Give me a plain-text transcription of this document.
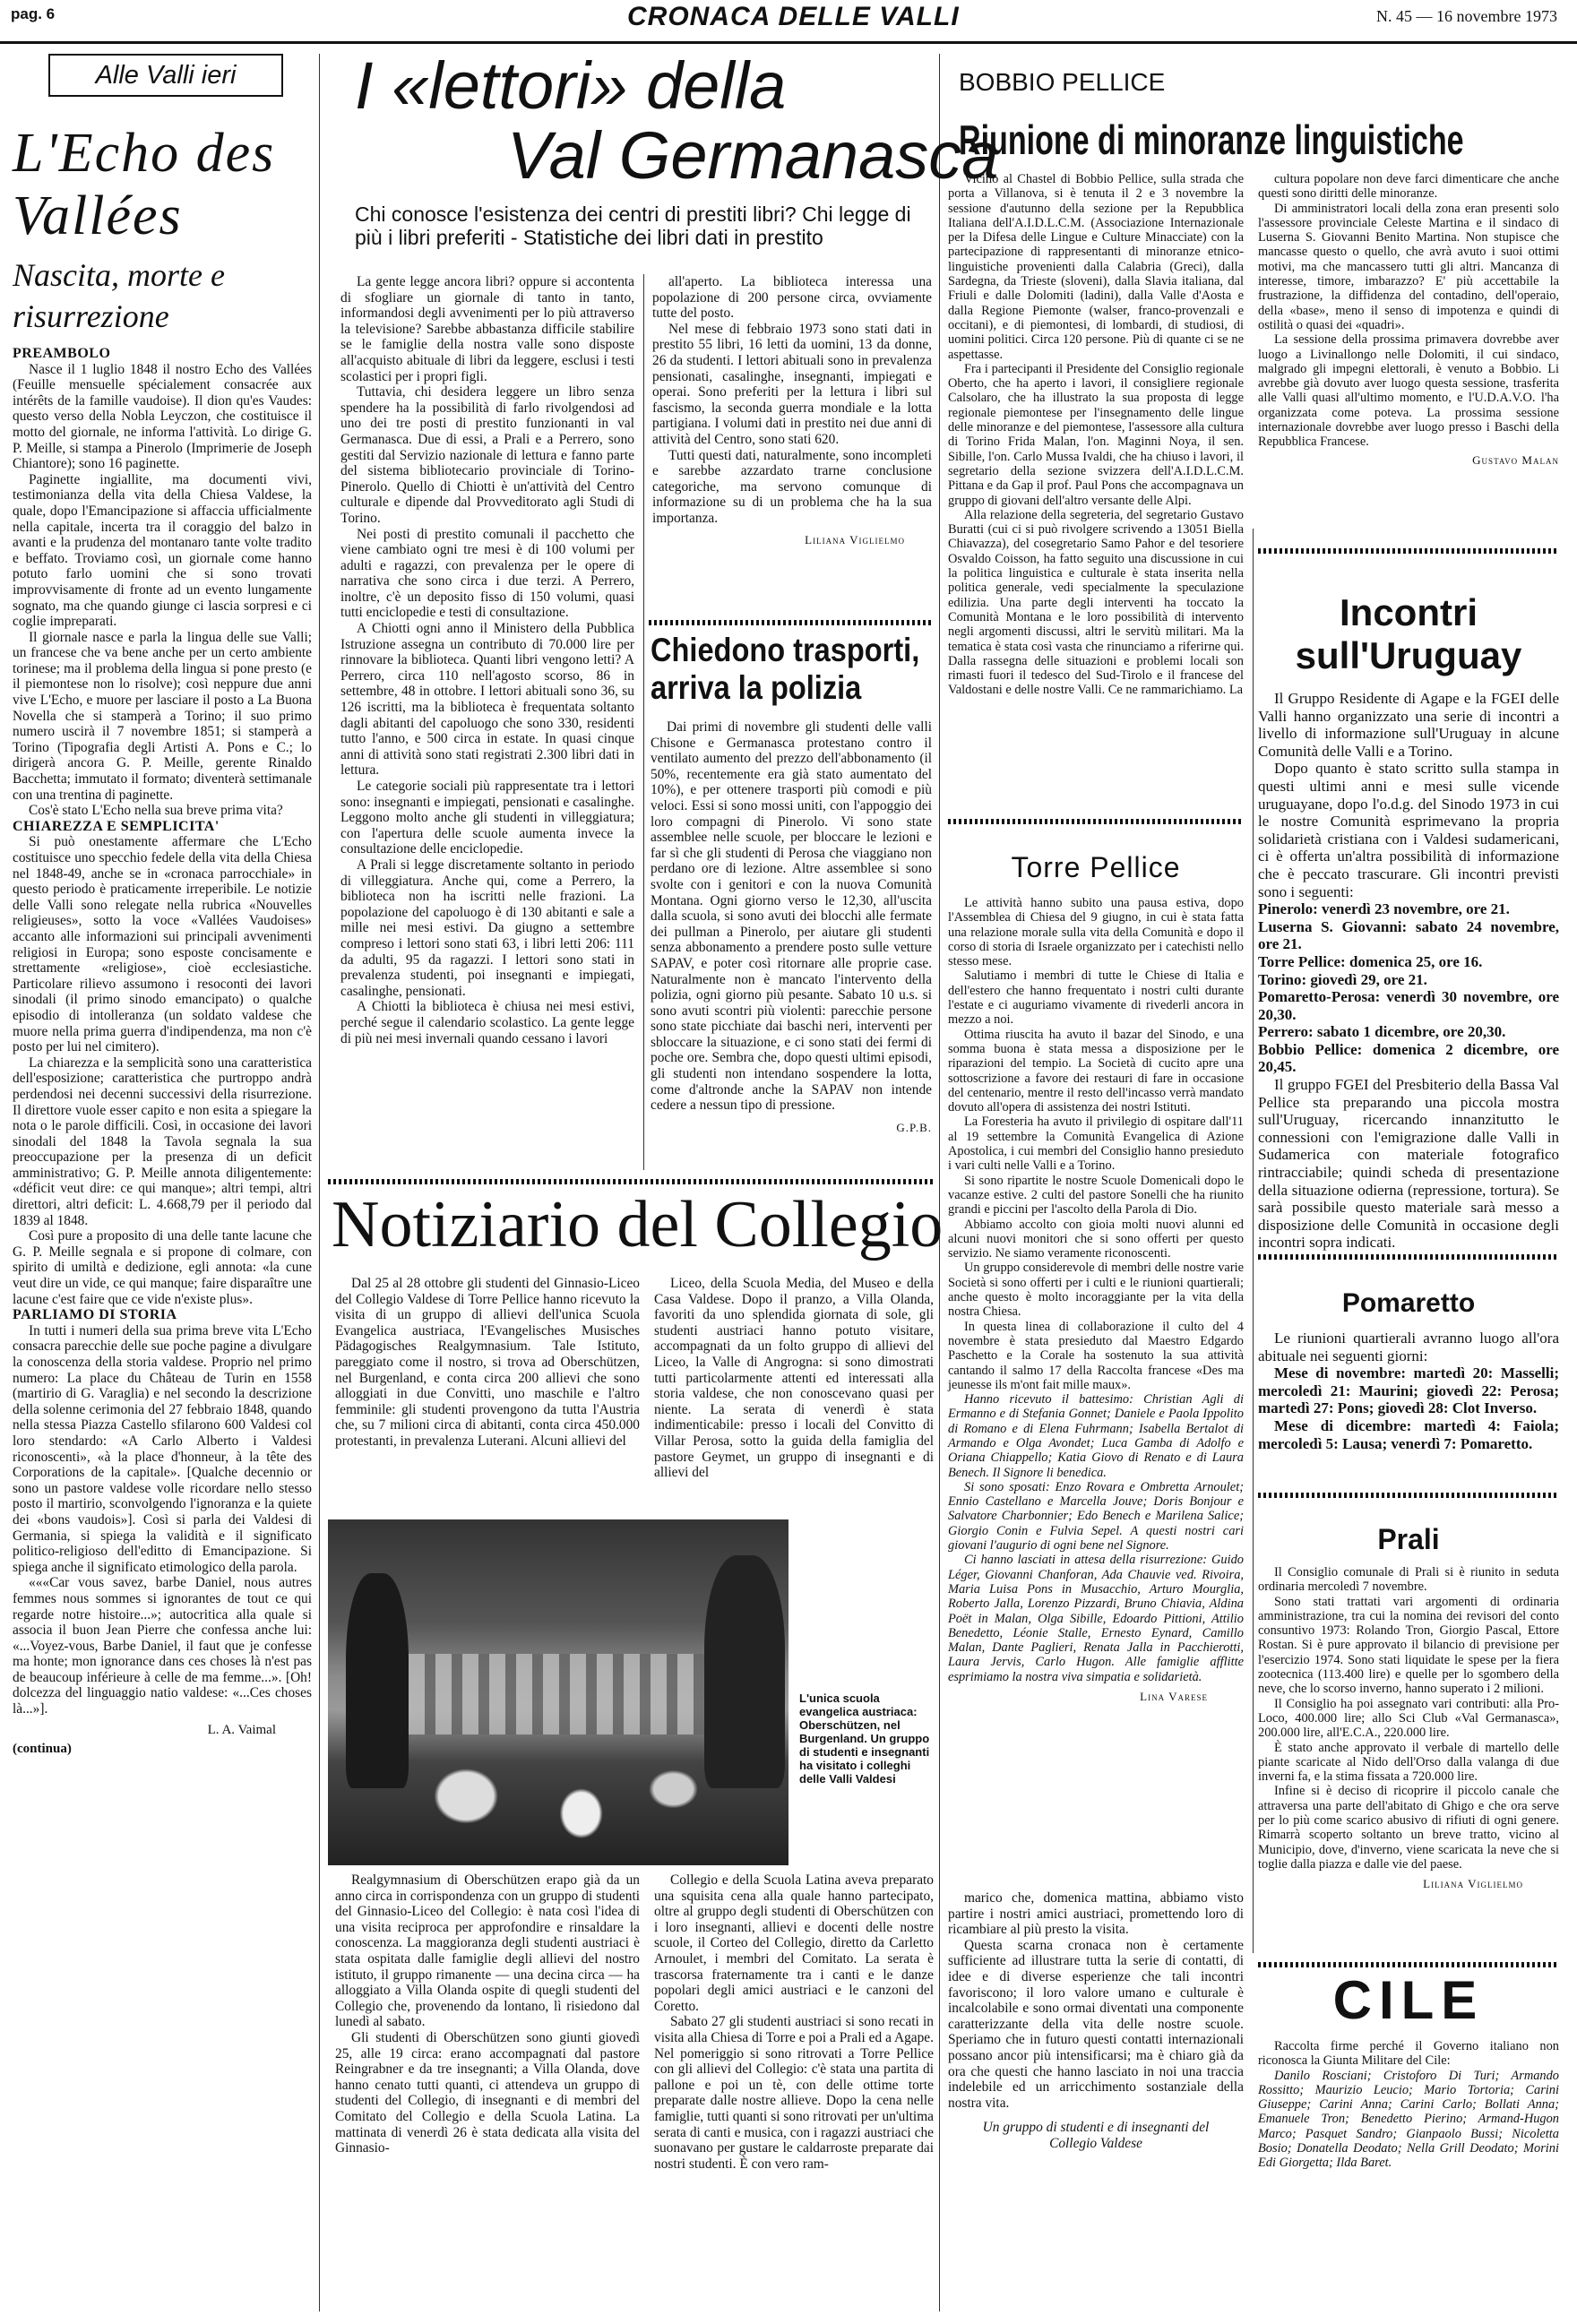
pag. 6	CRONACA DELLE VALLI	N. 45 — 16 novembre 1973
Alle Valli ieri
L'Echo des Vallées
Nascita, morte e risurrezione

PREAMBOLO

Nasce il 1 luglio 1848 il nostro Echo des Vallées (Feuille mensuelle spécialement consacrée aux intérêts de la famille vaudoise). Il dion qu'es Vaudes: questo verso della Nobla Leyczon, che costituisce il motto del giornale, ne informa l'attività. Lo dirige G. P. Meille, si stampa a Pinerolo (Imprimerie de Joseph Chiantore); sono 16 paginette.

Paginette ingiallite, ma documenti vivi, testimonianza della vita della Chiesa Valdese, la quale, dopo l'Emancipazione si affaccia ufficialmente nella capitale, incerta tra il coraggio del balzo in avanti e la prudenza del montanaro tante volte tradito e beffato. Troviamo così, un giornale come hanno potuto farlo uomini che si sono trovati improvvisamente di fronte ad un evento lungamente sognato, ma che quando giunge ci lascia sorpresi e ci coglie impreparati.

Il giornale nasce e parla la lingua delle sue Valli; un francese che va bene anche per un certo ambiente torinese; ma il problema della lingua si pone presto (e il piemontese non lo risolve); così neppure due anni vive L'Echo, e muore per lasciare il posto a La Buona Novella che si stamperà a Torino; il suo primo numero uscirà il 7 novembre 1851; si stamperà a Torino (Tipografia degli Artisti A. Pons e C.; lo dirigerà ancora G. P. Meille, gerente Rinaldo Bacchetta; immutato il formato; diventerà settimanale con una trentina di paginette.

Cos'è stato L'Echo nella sua breve prima vita?

CHIAREZZA E SEMPLICITA'

Si può onestamente affermare che L'Echo costituisce uno specchio fedele della vita della Chiesa nel 1848-49, anche se in «cronaca parrocchiale» in questo periodo è praticamente irreperibile. Le notizie delle Valli sono relegate nella rubrica «Nouvelles religieuses», sotto la voce «Vallées Vaudoises» accanto alle informazioni sui principali avvenimenti religiosi in Europa; sono esposte concisamente e strettamente «religiose», cioè ecclesiastiche. Particolare rilievo assumono i resoconti dei lavori sinodali (il primo sinodo emancipato) o qualche episodio di intolleranza (un soldato valdese che muore nella prima guerra d'indipendenza, ma non c'è posto per lui nel cimitero).

La chiarezza e la semplicità sono una caratteristica dell'esposizione; caratteristica che purtroppo andrà perdendosi nei decenni successivi della risurrezione. Il direttore vuole esser capito e non esita a spiegare la nota o le parole difficili. Così, in occasione dei lavori sinodali del 1848 la Tavola segnala la sua preoccupazione per la presenza di un deficit amministrativo; G. P. Meille annota diligentemente: «déficit veut dire: ce qui manque»; altri tempi, altri direttori, altri deficit: L. 4.668,79 per il periodo dal 1839 al 1848.

Così pure a proposito di una delle tante lacune che G. P. Meille segnala e si propone di colmare, con spirito di umiltà e dedizione, egli annota: «la cune veut dire un vide, ce qui manque; faire disparaître une lacune c'est faire que ce vide n'existe plus».

PARLIAMO DI STORIA

In tutti i numeri della sua prima breve vita L'Echo consacra parecchie delle sue poche pagine a divulgare la conoscenza della storia valdese. Proprio nel primo numero: La place du Château de Turin en 1558 (martirio di G. Varaglia) e nel secondo la descrizione della solenne cerimonia del 27 febbraio 1848, quando nella stessa Piazza Castello sfilarono 600 Valdesi col loro stendardo: «A Carlo Alberto i Valdesi riconoscenti», «à la place d'honneur, à la tête des Corporations de la capitale». [Qualche decennio or sono un pastore valdese volle ricordare nello stesso posto il martirio, sconvolgendo l'ignoranza e la quiete dei «bons vaudois»]. Così si parla dei Valdesi di Germania, si spiega la validità e il significato politico-religioso dell'editto di Emancipazione. Si spiega anche il significato etimologico della parola.

«««Car vous savez, barbe Daniel, nous autres femmes nous sommes si ignorantes de tout ce qui regarde notre histoire...»; autocritica alla quale si associa il buon Jean Pierre che confessa anche lui: «...Voyez-vous, Barbe Daniel, il faut que je confesse ma honte; mon ignorance dans ces choses là n'est pas de beaucoup inférieure à celle de ma femme...». [Oh! dolcezza del linguaggio natio valdese: «...Ces choses là...»].

L. A. Vaimal
(continua)
I «lettori» della
Val Germanasca
Chi conosce l'esistenza dei centri di prestiti libri? Chi legge di più i libri preferiti - Statistiche dei libri dati in prestito

La gente legge ancora libri? oppure si accontenta di sfogliare un giornale di tanto in tanto, informandosi degli avvenimenti per lo più attraverso la televisione? Sarebbe abbastanza difficile stabilire se le famiglie della nostra valle sono disposte all'acquisto abituale di libri da leggere, esclusi i testi scolastici per i propri figli.

Tuttavia, chi desidera leggere un libro senza spendere ha la possibilità di farlo rivolgendosi ad uno dei tre posti di prestito funzionanti in val Germanasca. Due di essi, a Prali e a Perrero, sono gestiti dal Servizio nazionale di lettura e fanno parte del sistema bibliotecario provinciale di Torino-Pinerolo. Quello di Chiotti è un'attività del Centro culturale e dipende dal Provveditorato agli Studi di Torino.

Nei posti di prestito comunali il pacchetto che viene cambiato ogni tre mesi è di 100 volumi per adulti e ragazzi, con prevalenza per le opere di narrativa che sono circa i due terzi. A Perrero, inoltre, c'è un deposito fisso di 150 volumi, quasi tutti enciclopedie e testi di consultazione.

A Chiotti ogni anno il Ministero della Pubblica Istruzione assegna un contributo di 70.000 lire per rinnovare la biblioteca. Quanti libri vengono letti? A Perrero, circa 110 nell'agosto scorso, 86 in settembre, 48 in ottobre. I lettori abituali sono 36, su 126 iscritti, ma la biblioteca è frequentata soltanto dagli abitanti del capoluogo che sono 330, residenti tutto l'anno, e 500 circa in estate. In quasi cinque anni di attività sono stati registrati 2.300 libri dati in lettura.

Le categorie sociali più rappresentate tra i lettori sono: insegnanti e impiegati, pensionati e casalinghe. Leggono molto anche gli studenti in villeggiatura; con l'apertura delle scuole aumenta invece la consultazione delle enciclopedie.

A Prali si legge discretamente soltanto in periodo di villeggiatura. Anche qui, come a Perrero, la biblioteca non ha iscritti nelle frazioni. La popolazione del capoluogo è di 130 abitanti e sale a mille nei mesi estivi. Da giugno a settembre compreso i lettori sono stati 63, i libri letti 206: 111 da adulti, 95 da ragazzi. I lettori sono stati in prevalenza studenti, poi insegnanti e impiegati, casalinghe, pensionati.

A Chiotti la biblioteca è chiusa nei mesi estivi, perché segue il calendario scolastico. La gente legge di più nei mesi invernali quando cessano i lavori

all'aperto. La biblioteca interessa una popolazione di 200 persone circa, ovviamente tutte del posto.

Nel mese di febbraio 1973 sono stati dati in prestito 55 libri, 16 letti da uomini, 13 da donne, 26 da studenti. I lettori abituali sono in prevalenza pensionati, casalinghe, insegnanti, impiegati e operai. Sono preferiti per la lettura i libri sul fascismo, la seconda guerra mondiale e la lotta partigiana. I volumi dati in prestito nei due anni di attività del Centro, sono stati 620.

Tutti questi dati, naturalmente, sono incompleti e sarebbe azzardato trarne conclusione categoriche, ma servono comunque di informazione su di un problema che ha la sua importanza.

Liliana Viglielmo
Chiedono trasporti,
arriva la polizia

Dai primi di novembre gli studenti delle valli Chisone e Germanasca protestano contro il ventilato aumento del prezzo dell'abbonamento (il 50%, recentemente era già stato aumentato del 10%), e per ottenere trasporti più comodi e più veloci. Essi si sono mossi uniti, con l'appoggio dei loro compagni di Pinerolo. Vi sono state assemblee nelle scuole, per bloccare le lezioni e far sì che gli studenti di Perosa che viaggiano non perdano ore di lezione. Altre assemblee si sono svolte con i genitori e con la nuova Comunità Montana. Ogni giorno verso le 12,30, all'uscita dalla scuola, si sono avuti dei blocchi alle fermate dei pullman a Pinerolo, per aiutare gli studenti senza abbonamento a prendere posto sulle vetture SAPAV, e poter così ritornare alle proprie case. Naturalmente non è mancato l'intervento della polizia, ogni giorno più pesante. Sabato 10 u.s. si sono avuti scontri più violenti: parecchie persone sono state picchiate dai baschi neri, interventi per sbloccare la situazione, e ci sono stati dei fermi di poche ore. Sembra che, dopo questi ultimi episodi, gli studenti non intendano sospendere la lotta, come d'altronde anche la SAPAV non intende cedere a nessun tipo di pressione.

G.P.B.
Notiziario del Collegio

Dal 25 al 28 ottobre gli studenti del Ginnasio-Liceo del Collegio Valdese di Torre Pellice hanno ricevuto la visita di un gruppo di allievi dell'unica Scuola Evangelica austriaca, l'Evangelisches Musisches Pädagogisches Realgymnasium. Tale Istituto, pareggiato come il nostro, si trova ad Oberschützen, nel Burgenland, e conta circa 200 allievi che sono alloggiati in due Convitti, uno maschile e l'altro femminile: gli studenti provengono da tutta l'Austria che, su 7 milioni circa di abitanti, conta circa 450.000 protestanti, in prevalenza Luterani. Alcuni allievi del

Liceo, della Scuola Media, del Museo e della Casa Valdese. Dopo il pranzo, a Villa Olanda, favoriti da uno splendida giornata di sole, gli studenti austriaci hanno potuto visitare, accompagnati da un folto gruppo di allievi del Liceo, la Valle di Angrogna: si sono dimostrati tutti particolarmente attenti ed interessati alla storia valdese, che non conoscevano quasi per niente. La serata di venerdì è stata indimenticabile: presso i locali del Convitto di Villar Perosa, sotto la guida della famiglia del pastore Geymet, un gruppo di insegnanti e di allievi del

L'unica scuola evangelica austriaca: Oberschützen, nel Burgenland. Un gruppo di studenti e insegnanti ha visitato i colleghi delle Valli Valdesi

Realgymnasium di Oberschützen erapo già da un anno circa in corrispondenza con un gruppo di studenti del Ginnasio-Liceo del Collegio: è nata così l'idea di una visita reciproca per approfondire e rinsaldare la conoscenza. La maggioranza degli studenti austriaci è stata ospitata dalle famiglie degli allievi del nostro istituto, il gruppo rimanente — una decina circa — ha alloggiato a Villa Olanda ospite di quegli studenti del Collegio che, provenendo da lontano, lì risiedono dal lunedì al sabato.

Gli studenti di Oberschützen sono giunti giovedì 25, alle 19 circa: erano accompagnati dal pastore Reingrabner e da tre insegnanti; a Villa Olanda, dove hanno cenato tutti quanti, ci attendeva un gruppo di studenti del Collegio, di insegnanti e di membri del Comitato del Collegio e della Scuola Latina. La mattinata di venerdì 26 è stata dedicata alla visita del Ginnasio-

Collegio e della Scuola Latina aveva preparato una squisita cena alla quale hanno partecipato, oltre al gruppo degli studenti di Oberschützen con i loro insegnanti, allievi e docenti delle nostre scuole, il Corteo del Collegio, diretto da Carletto Arnoulet, i membri del Comitato. La serata è trascorsa fraternamente tra i canti e le danze popolari degli amici austriaci e le canzoni del Coretto.

Sabato 27 gli studenti austriaci si sono recati in visita alla Chiesa di Torre e poi a Prali ed a Agape. Nel pomeriggio si sono ritrovati a Torre Pellice con gli allievi del Collegio: c'è stata una partita di pallone e poi un tè, con delle ottime torte preparate dalle nostre allieve. Dopo la cena nelle famiglie, tutti quanti si sono ritrovati per un'ultima serata di canti e musica, con i ragazzi austriaci che suonavano per gustare le caldarroste preparate dai nostri studenti. È con vero ram-

BOBBIO PELLICE
Riunione di minoranze linguistiche

Vicino al Chastel di Bobbio Pellice, sulla strada che porta a Villanova, si è tenuta il 2 e 3 novembre la sessione d'autunno della sezione per la Repubblica Italiana dell'A.I.D.L.C.M. (Associazione Internazionale per la Difesa delle Lingue e Culture Minacciate) con la partecipazione di rappresentanti di minoranze etnico-linguistiche provenienti dalla Calabria (Greci), dalla Sardegna, da Trieste (sloveni), dalla Slavia italiana, dal Friuli e dalle Dolomiti (ladini), dalla Valle d'Aosta e dalla Regione Piemonte (walser, franco-provenzali e occitani), e di piemontesi, di lombardi, di studiosi, di uomini politici. Circa 120 persone. Più di quante ci se ne aspettasse.

Fra i partecipanti il Presidente del Consiglio regionale Oberto, che ha aperto i lavori, il consigliere regionale Calsolaro, che ha illustrato la sua proposta di legge regionale piemontese per l'insegnamento delle lingue delle minoranze e del piemontese, l'assessore alla cultura di Torino Frida Malan, l'on. Maginni Noya, il sen. Sibille, l'on. Carlo Mussa Ivaldi, che ha chiuso i lavori, il segretario della sezione svizzera dell'A.I.D.L.C.M. Pittana e da Gap il prof. Paul Pons che accompagnava un gruppo di giovani dell'altro versante delle Alpi.

Alla relazione della segreteria, del segretario Gustavo Buratti (cui ci si può rivolgere scrivendo a 13051 Biella Chiavazza), del cosegretario Samo Pahor e del tesoriere Osvaldo Coisson, ha fatto seguito una discussione in cui la politica linguistica e culturale è stata inserita nella politica generale, vedi specialmente la speculazione edilizia. Una parte degli interventi ha toccato la Comunità Montana e le loro possibilità di intervento negli argomenti discussi, altri le servitù militari. Ma la tematica è stata così vasta che rinunciamo a riferirne qui. Dalla rassegna delle situazioni e problemi locali son rimasti fuori il tedesco del Sud-Tirolo e il francese del Valdostani e delle nostre Valli. Ce ne rammarichiamo. La

cultura popolare non deve farci dimenticare che anche questi sono diritti delle minoranze.

Di amministratori locali della zona eran presenti solo l'assessore provinciale Celeste Martina e il sindaco di Luserna S. Giovanni Benito Martina. Non stupisce che mancasse questo o quello, che avrà avuto i suoi ottimi motivi, ma che mancassero tutti gli altri. Mancanza di interesse, timore, imbarazzo? E' più accettabile la frustrazione, la diffidenza del contadino, dell'operaio, della «base», meno il senso di impotenza e quindi di ostilità o quasi dei «quadri».

La sessione della prossima primavera dovrebbe aver luogo a Livinallongo nelle Dolomiti, il cui sindaco, malgrado gli impegni elettorali, è venuto a Bobbio. Li avrebbe già dovuto aver luogo questa sessione, trasferita alle Valli quasi all'ultimo momento, e l'U.D.A.V.O. l'ha organizzata come poteva. La prossima sessione internazionale dovrebbe aver luogo presso i Baschi della Repubblica Francese.

Gustavo Malan
Torre Pellice

Le attività hanno subito una pausa estiva, dopo l'Assemblea di Chiesa del 9 giugno, in cui è stata fatta una relazione morale sulla vita della Comunità e dopo il corso di storia di Israele organizzato per i catechisti nello stesso mese.

Salutiamo i membri di tutte le Chiese di Italia e dell'estero che hanno frequentato i nostri culti durante l'estate e ci auguriamo vivamente di rivederli ancora in mezzo a noi.

Ottima riuscita ha avuto il bazar del Sinodo, e una somma buona è stata messa a disposizione per le riparazioni del tempio. La Società di cucito apre una sottoscrizione a favore dei restauri di fare in occasione del centenario, mentre il resto dell'incasso verrà mandato dovuto all'opera di assistenza dei nostri Istituti.

La Foresteria ha avuto il privilegio di ospitare dall'11 al 19 settembre la Comunità Evangelica di Azione Apostolica, i cui membri del Consiglio hanno presieduto i vari culti nelle Valli e a Torino.

Si sono ripartite le nostre Scuole Domenicali dopo le vacanze estive. 2 culti del pastore Sonelli che ha riunito grandi e piccini per l'ascolto della Parola di Dio.

Abbiamo accolto con gioia molti nuovi alunni ed alcuni nuovi monitori che si sono offerti per questo servizio. Ne siamo veramente riconoscenti.

Un gruppo considerevole di membri delle nostre varie Società si sono offerti per i culti e le riunioni quartierali; anche questo è molto incoraggiante per la vita della nostra Chiesa.

In questa linea di collaborazione il culto del 4 novembre è stata presieduto dal Maestro Edgardo Paschetto e la Corale ha sostenuto la sua attività cantando il salmo 17 della Raccolta francese «Des ma jeunesse ils m'ont fait mille maux».

Hanno ricevuto il battesimo: Christian Agli di Ermanno e di Stefania Gonnet; Daniele e Paola Ippolito di Romano e di Elena Fuhrmann; Isabella Bertalot di Armando e Olga Avondet; Luca Gamba di Adolfo e Oriana Chiappello; Katia Giovo di Renato e di Laura Benech. Il Signore li benedica.

Si sono sposati: Enzo Rovara e Ombretta Arnoulet; Ennio Castellano e Marcella Jouve; Doris Bonjour e Salvatore Charbonnier; Edo Benech e Marilena Salice; Giorgio Conin e Fulvia Sepel. A questi nostri cari giovani l'augurio di ogni bene nel Signore.

Ci hanno lasciati in attesa della risurrezione: Guido Léger, Giovanni Chanforan, Ada Chauvie ved. Rivoira, Maria Luisa Pons in Musacchio, Arturo Mourglia, Roberto Jalla, Lorenzo Pizzardi, Bruno Chiavia, Aldina Poët in Malan, Olga Sibille, Edoardo Pittioni, Attilio Benedetto, Léonie Stalle, Ernesto Eynard, Camillo Malan, Dante Paglieri, Renata Jalla in Pacchierotti, Laura Jervis, Carlo Hugon. Alle famiglie afflitte esprimiamo la nostra viva simpatia e solidarietà.

Lina Varese

marico che, domenica mattina, abbiamo visto partire i nostri amici austriaci, promettendo loro di ricambiare al più presto la visita.

Questa scarna cronaca non è certamente sufficiente ad illustrare tutta la serie di contatti, di idee e di diverse esperienze che tali incontri favoriscono; il loro valore umano e culturale è incalcolabile e sono ormai diventati una componente caratterizzante della vita delle nostre scuole. Speriamo che in futuro questi contatti internazionali possano ancor più intensificarsi; ma è chiaro già da ora che questi che hanno lasciato in noi una traccia indelebile ed un arricchimento sostanziale della nostra vita.

Un gruppo di studenti e di insegnanti del Collegio Valdese
Incontri
sull'Uruguay

Il Gruppo Residente di Agape e la FGEI delle Valli hanno organizzato una serie di incontri a livello di informazione sull'Uruguay in alcune Comunità delle Valli e a Torino.

Dopo quanto è stato scritto sulla stampa in questi ultimi anni e mesi sulle vicende uruguayane, dopo l'o.d.g. del Sinodo 1973 in cui le nostre Comunità esprimevano la propria solidarietà cristiana con i Valdesi sudamericani, ci è offerta un'altra possibilità di informazione che è peccato trascurare. Gli incontri previsti sono i seguenti:

Pinerolo: venerdì 23 novembre, ore 21.
Luserna S. Giovanni: sabato 24 novembre, ore 21.
Torre Pellice: domenica 25, ore 16.
Torino: giovedì 29, ore 21.
Pomaretto-Perosa: venerdì 30 novembre, ore 20,30.
Perrero: sabato 1 dicembre, ore 20,30.
Bobbio Pellice: domenica 2 dicembre, ore 20,45.

Il gruppo FGEI del Presbiterio della Bassa Val Pellice sta preparando una piccola mostra sull'Uruguay, ricercando innanzitutto le connessioni con l'emigrazione dalle Valli in Sudamerica con materiale fotografico rintracciabile; quindi scheda di presentazione della situazione odierna (repressione, tortura). Se sarà possibile questo materiale sarà messo a disposizione delle Comunità in occasione degli incontri sopra indicati.

Pomaretto

Le riunioni quartierali avranno luogo all'ora abituale nei seguenti giorni:

Mese di novembre: martedì 20: Masselli; mercoledì 21: Maurini; giovedì 22: Perosa; martedì 27: Pons; giovedì 28: Clot Inverso.

Mese di dicembre: martedì 4: Faiola; mercoledì 5: Lausa; venerdì 7: Pomaretto.

Prali

Il Consiglio comunale di Prali si è riunito in seduta ordinaria mercoledì 7 novembre.

Sono stati trattati vari argomenti di ordinaria amministrazione, tra cui la nomina dei revisori del conto consuntivo 1973: Rolando Tron, Giorgio Pascal, Ettore Rostan. Si è pure approvato il bilancio di previsione per l'esercizio 1974. Sono stati liquidate le spese per la fiera zootecnica (113.400 lire) e quelle per lo sgombero della neve, che lo scorso inverno, hanno superato i 2 milioni.

Il Consiglio ha poi assegnato vari contributi: alla Pro-Loco, 400.000 lire; allo Sci Club «Val Germanasca», 200.000 lire, all'E.C.A., 220.000 lire.

È stato anche approvato il verbale di martello delle piante scaricate al Nido dell'Orso dalla valanga di due inverni fa, e la stima fissata a 720.000 lire.

Infine si è deciso di ricoprire il piccolo canale che attraversa una parte dell'abitato di Ghigo e che ora serve per lo più come scarico abusivo di rifiuti di ogni genere. Rimarrà scoperto soltanto un breve tratto, vicino al Municipio, dove, d'inverno, viene scaricata la neve che si toglie dalla piazza e dalle vie del paese.

Liliana Viglielmo
CILE

Raccolta firme perché il Governo italiano non riconosca la Giunta Militare del Cile:

Danilo Rosciani; Cristoforo Di Turi; Armando Rossitto; Maurizio Leucio; Mario Tortoria; Carini Giuseppe; Carini Anna; Carini Carlo; Bollati Anna; Emanuele Tron; Benedetto Pierino; Armand-Hugon Marco; Pasquet Sandro; Gianpaolo Bussi; Nicoletta Bosio; Donatella Deodato; Nella Grill Deodato; Morini Edi Giorgetta; Ilda Baret.
